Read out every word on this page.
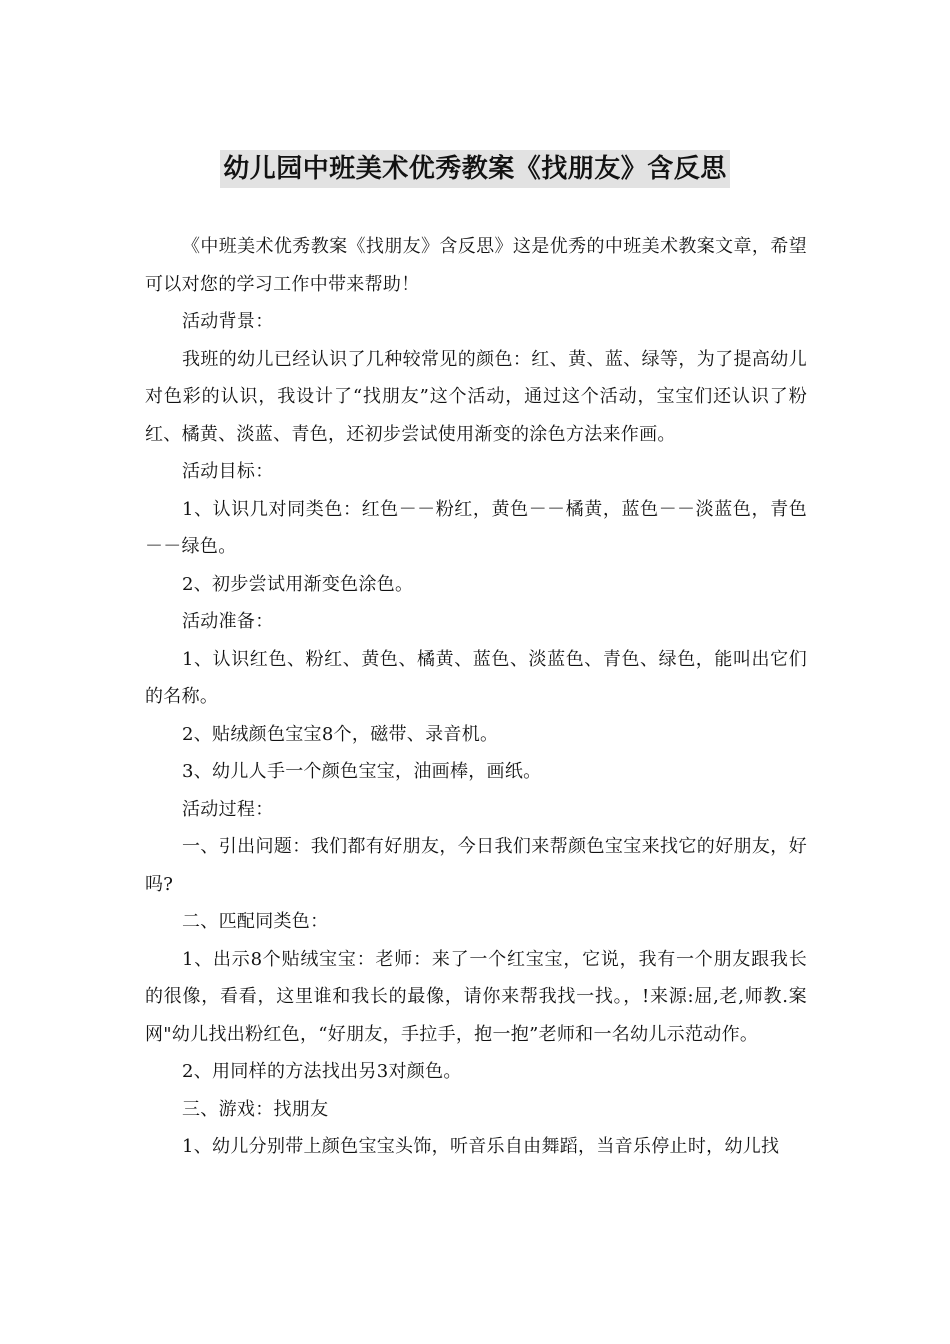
幼儿园中班美术优秀教案《找朋友》含反思

《中班美术优秀教案《找朋友》含反思》这是优秀的中班美术教案文章，希望可以对您的学习工作中带来帮助！

活动背景：

我班的幼儿已经认识了几种较常见的颜色：红、黄、蓝、绿等，为了提高幼儿对色彩的认识，我设计了“找朋友”这个活动，通过这个活动，宝宝们还认识了粉红、橘黄、淡蓝、青色，还初步尝试使用渐变的涂色方法来作画。

活动目标：

1、认识几对同类色：红色－－粉红，黄色－－橘黄，蓝色－－淡蓝色，青色－－绿色。

2、初步尝试用渐变色涂色。

活动准备：

1、认识红色、粉红、黄色、橘黄、蓝色、淡蓝色、青色、绿色，能叫出它们的名称。

2、贴绒颜色宝宝8个，磁带、录音机。

3、幼儿人手一个颜色宝宝，油画棒，画纸。

活动过程：

一、引出问题：我们都有好朋友，今日我们来帮颜色宝宝来找它的好朋友，好吗?

二、匹配同类色：

1、出示8个贴绒宝宝：老师：来了一个红宝宝，它说，我有一个朋友跟我长的很像，看看，这里谁和我长的最像，请你来帮我找一找。，!来源:屈,老,师教.案网"幼儿找出粉红色，“好朋友，手拉手，抱一抱”老师和一名幼儿示范动作。

2、用同样的方法找出另3对颜色。

三、游戏：找朋友

1、幼儿分别带上颜色宝宝头饰，听音乐自由舞蹈，当音乐停止时，幼儿找
